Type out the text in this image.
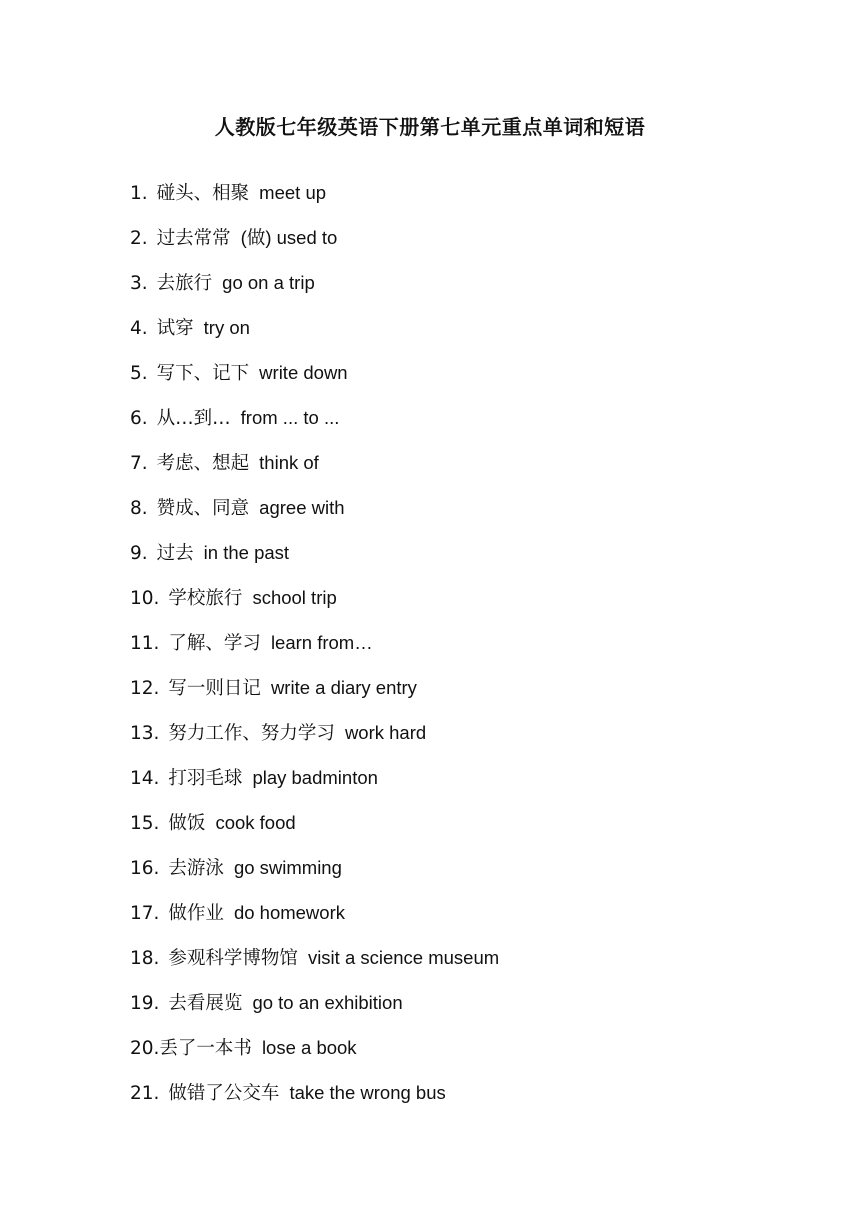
人教版七年级英语下册第七单元重点单词和短语
1. 碰头、相聚 meet up
2. 过去常常 (做) used to
3. 去旅行 go on a trip
4. 试穿 try on
5. 写下、记下 write down
6. 从…到… from ... to ...
7. 考虑、想起 think of
8. 赞成、同意 agree with
9. 过去 in the past
10. 学校旅行 school trip
11. 了解、学习 learn from…
12. 写一则日记 write a diary entry
13. 努力工作、努力学习 work hard
14. 打羽毛球 play badminton
15. 做饭 cook food
16. 去游泳 go swimming
17. 做作业 do homework
18. 参观科学博物馆 visit a science museum
19. 去看展览 go to an exhibition
20.丢了一本书 lose a book
21. 做错了公交车 take the wrong bus
